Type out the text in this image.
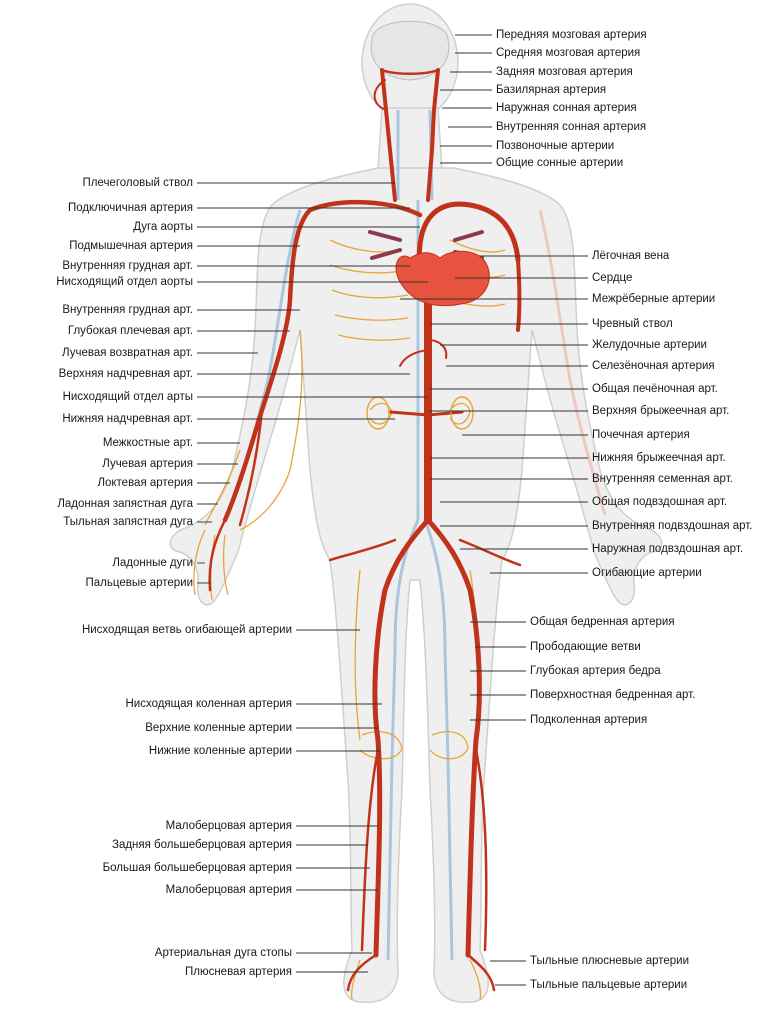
Передняя мозговая артерия
Средняя мозговая артерия
Задняя мозговая артерия
Базилярная артерия
Наружная сонная артерия
Внутренняя сонная артерия
Позвоночные артерии
Общие сонные артерии
Лёгочная вена
Сердце
Межрёберные артерии
Чревный ствол
Желудочные артерии
Селезёночная артерия
Общая печёночная арт.
Верхняя брыжеечная арт.
Почечная артерия
Нижняя брыжеечная арт.
Внутренняя семенная арт.
Общая подвздошная арт.
Внутренняя подвздошная арт.
Наружная подвздошная арт.
Огибающие артерии
Общая бедренная артерия
Прободающие ветви
Глубокая артерия бедра
Поверхностная бедренная арт.
Подколенная артерия
Тыльные плюсневые артерии
Тыльные пальцевые артерии
Плечеголовый ствол
Подключичная артерия
Дуга аорты
Подмышечная артерия
Внутренняя грудная арт.
Нисходящий отдел аорты
Внутренняя грудная арт.
Глубокая плечевая арт.
Лучевая возвратная арт.
Верхняя надчревная арт.
Нисходящий отдел арты
Нижняя надчревная арт.
Межкостные арт.
Лучевая артерия
Локтевая артерия
Ладонная запястная дуга
Тыльная запястная дуга
Ладонные дуги
Пальцевые артерии
Нисходящая ветвь огибающей артерии
Нисходящая коленная артерия
Верхние коленные артерии
Нижние коленные артерии
Малоберцовая артерия
Задняя большеберцовая артерия
Большая большеберцовая артерия
Малоберцовая артерия
Артериальная дуга стопы
Плюсневая артерия
